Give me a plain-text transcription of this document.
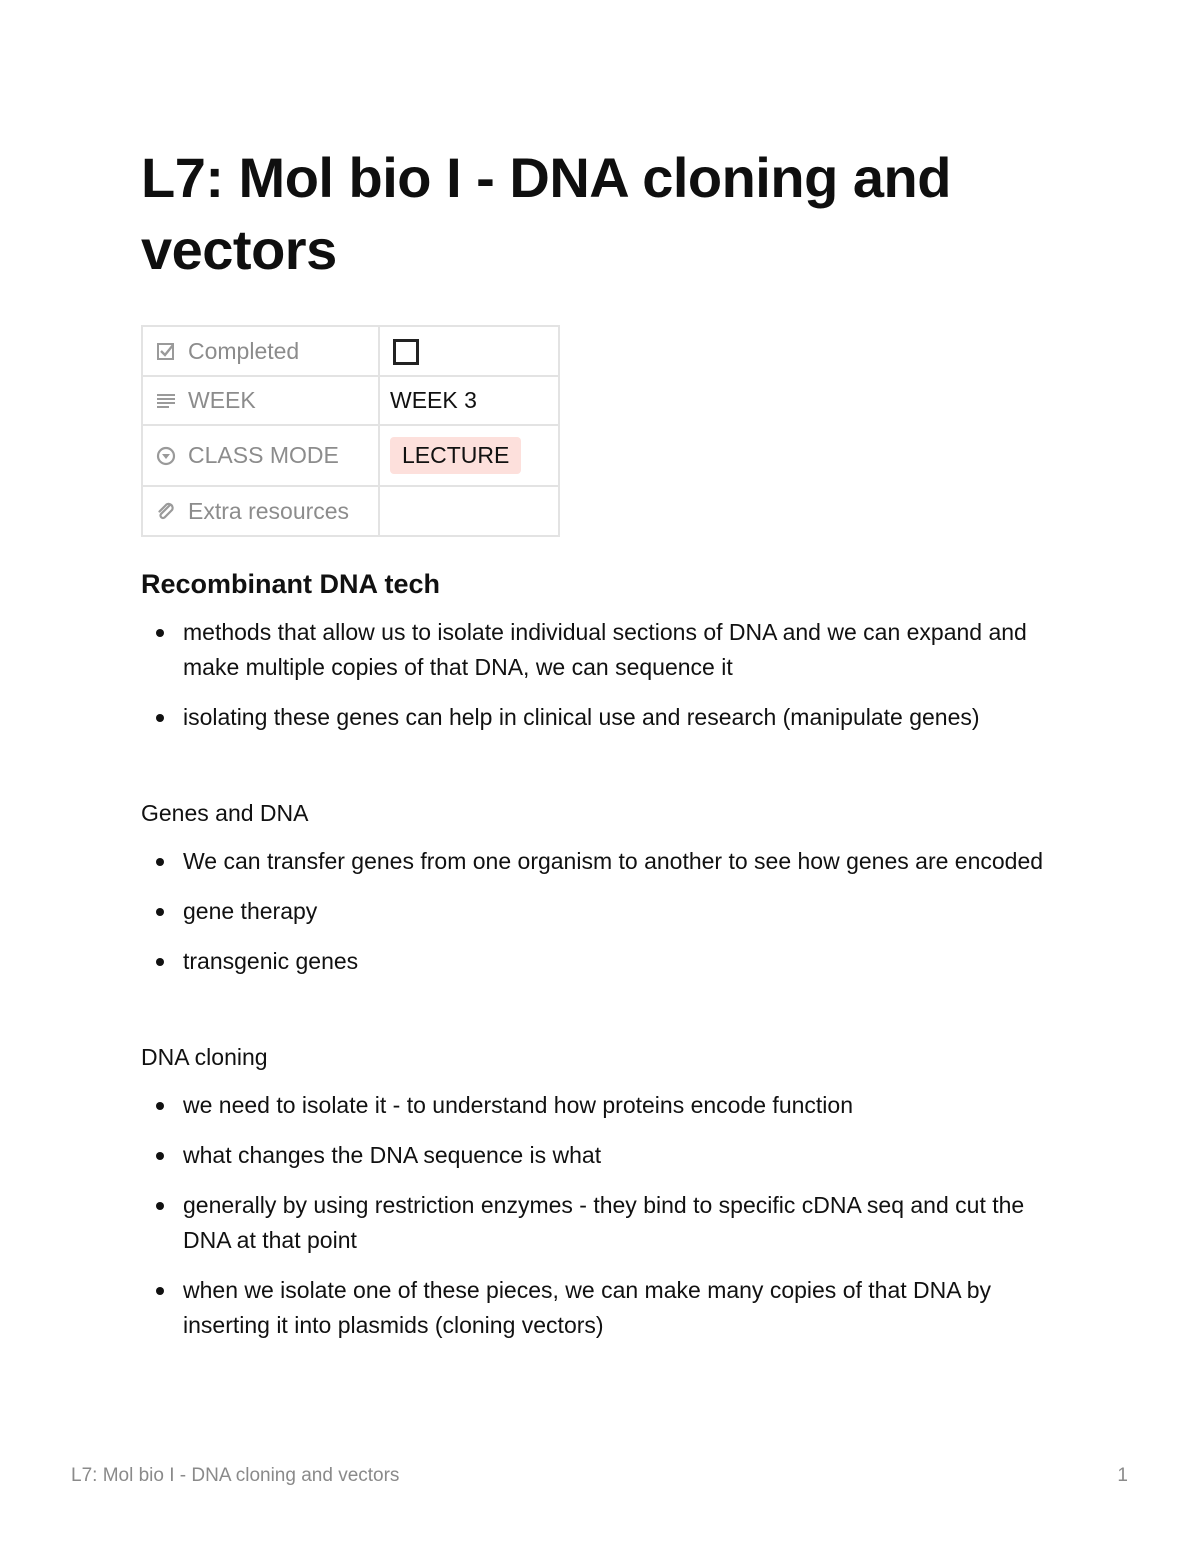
L7: Mol bio I - DNA cloning and vectors
Completed	

WEEK	WEEK 3

CLASS MODE	LECTURE

Extra resources	

Recombinant DNA tech
methods that allow us to isolate individual sections of DNA and we can expand and make multiple copies of that DNA, we can sequence it
isolating these genes can help in clinical use and research (manipulate genes)

Genes and DNA

We can transfer genes from one organism to another to see how genes are encoded
gene therapy
transgenic genes

DNA cloning

we need to isolate it - to understand how proteins encode function
what changes the DNA sequence is what
generally by using restriction enzymes - they bind to specific cDNA seq and cut the DNA at that point
when we isolate one of these pieces, we can make many copies of that DNA by inserting it into plasmids (cloning vectors)
L7: Mol bio I - DNA cloning and vectors	1
